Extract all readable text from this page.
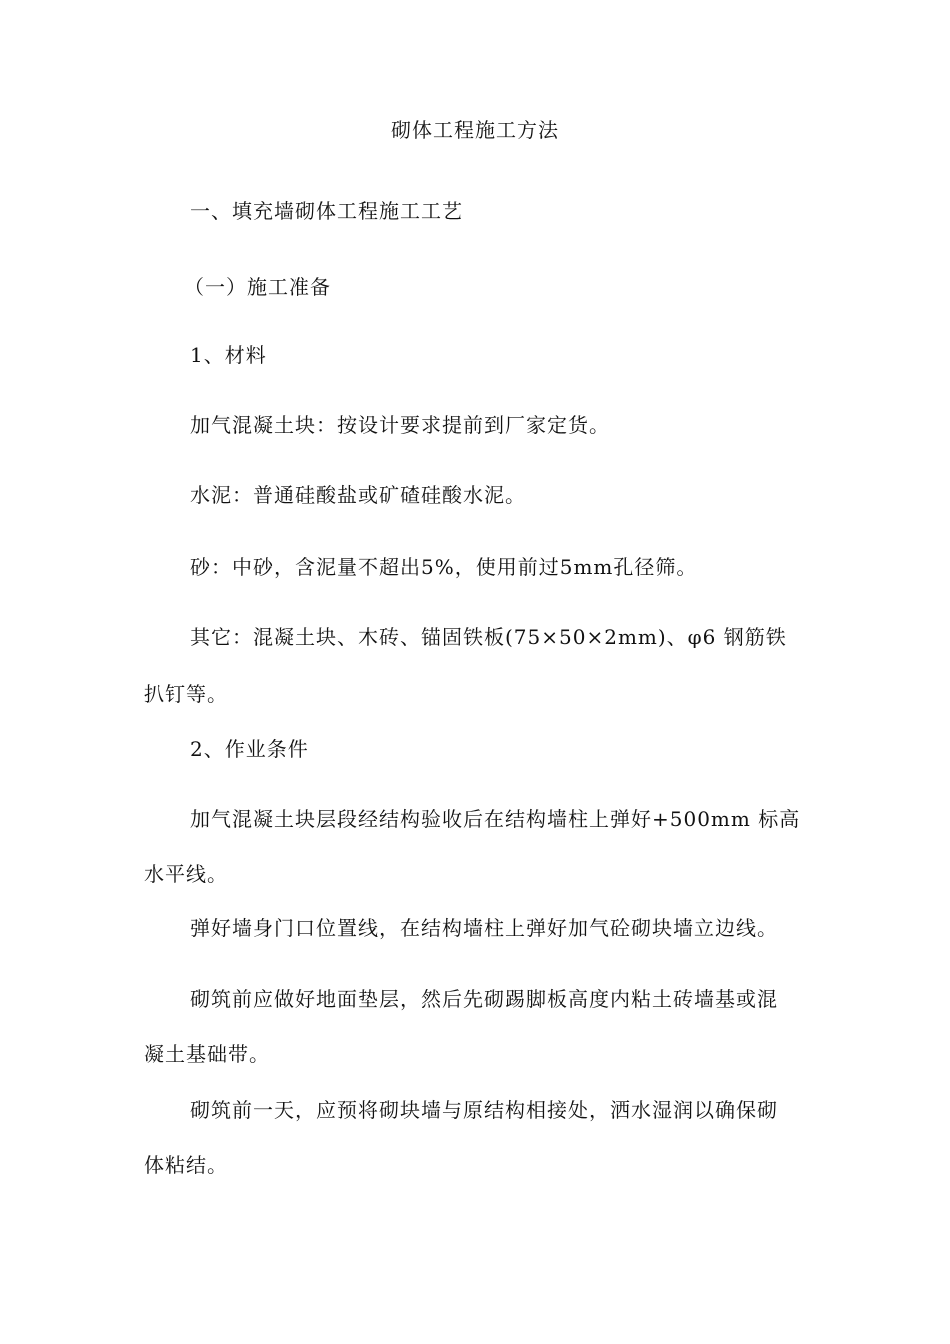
砌体工程施工方法

一、填充墙砌体工程施工工艺

（一）施工准备

1、材料

加气混凝土块：按设计要求提前到厂家定货。

水泥：普通硅酸盐或矿碴硅酸水泥。

砂：中砂，含泥量不超出5%，使用前过5mm孔径筛。

其它：混凝土块、木砖、锚固铁板(75×50×2mm)、φ6 钢筋铁

扒钉等。

2、作业条件

加气混凝土块层段经结构验收后在结构墙柱上弹好+500mm 标高

水平线。

弹好墙身门口位置线，在结构墙柱上弹好加气砼砌块墙立边线。

砌筑前应做好地面垫层，然后先砌踢脚板高度内粘土砖墙基或混

凝土基础带。

砌筑前一天，应预将砌块墙与原结构相接处，洒水湿润以确保砌

体粘结。
